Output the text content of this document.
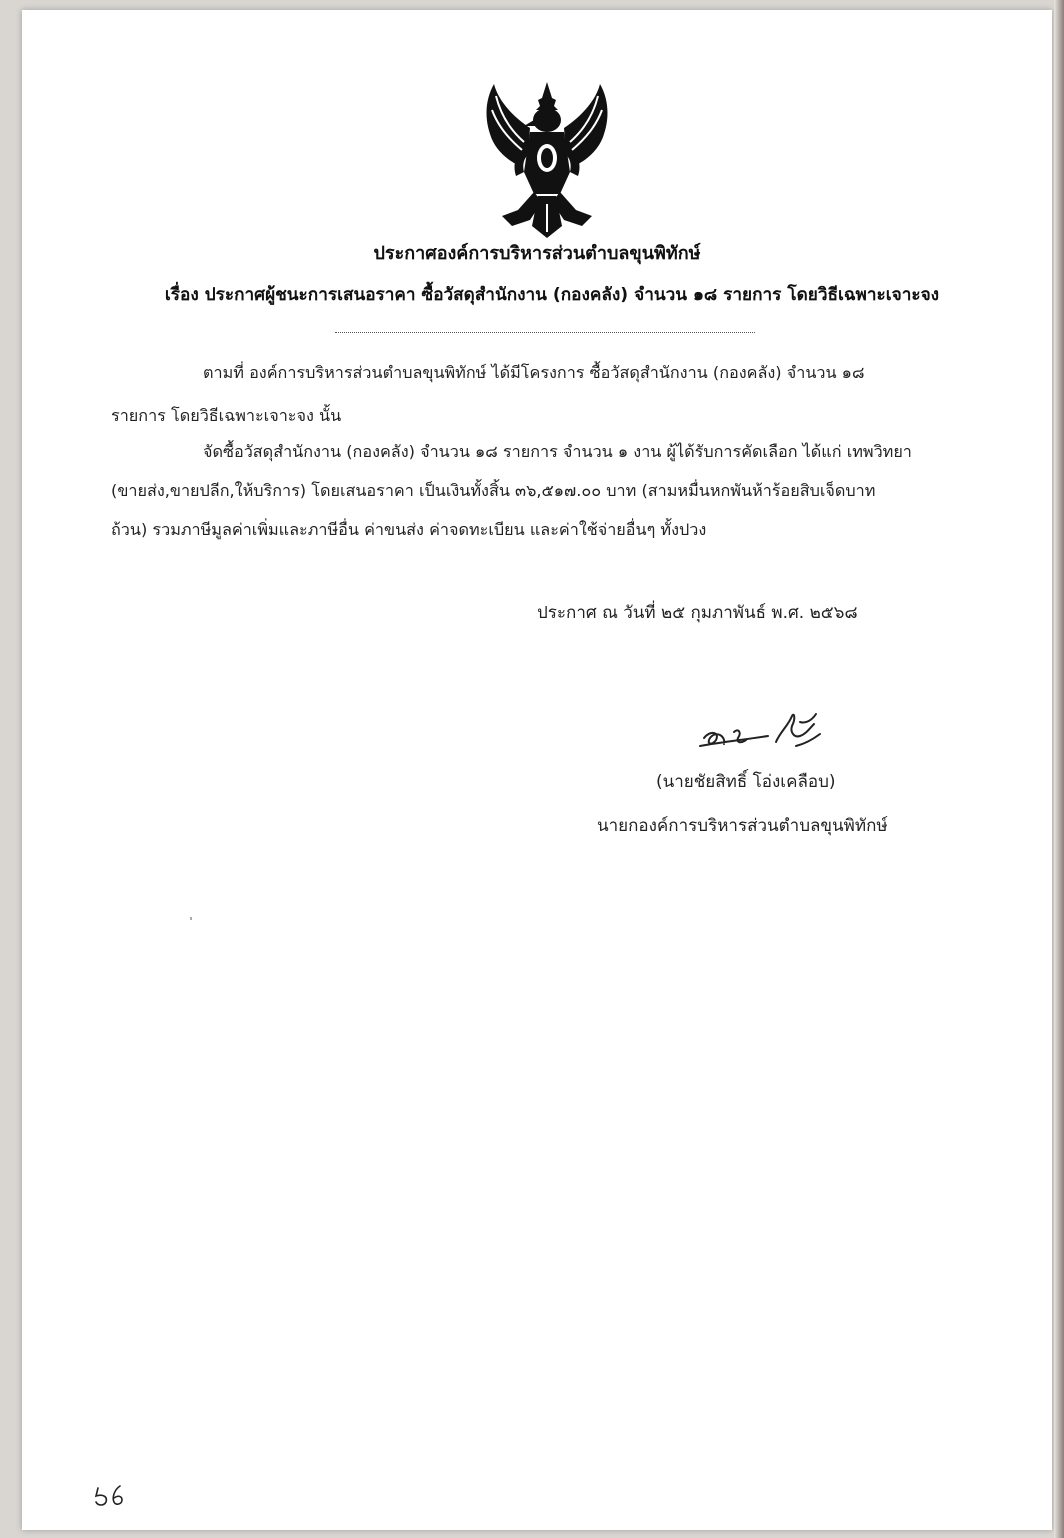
ประกาศองค์การบริหารส่วนตำบลขุนพิทักษ์
เรื่อง ประกาศผู้ชนะการเสนอราคา ซื้อวัสดุสำนักงาน (กองคลัง) จำนวน ๑๘ รายการ โดยวิธีเฉพาะเจาะจง
ตามที่ องค์การบริหารส่วนตำบลขุนพิทักษ์ ได้มีโครงการ ซื้อวัสดุสำนักงาน (กองคลัง) จำนวน ๑๘
รายการ โดยวิธีเฉพาะเจาะจง นั้น
จัดซื้อวัสดุสำนักงาน (กองคลัง) จำนวน ๑๘ รายการ จำนวน ๑ งาน ผู้ได้รับการคัดเลือก ได้แก่ เทพวิทยา
(ขายส่ง,ขายปลีก,ให้บริการ) โดยเสนอราคา เป็นเงินทั้งสิ้น ๓๖,๕๑๗.๐๐ บาท (สามหมื่นหกพันห้าร้อยสิบเจ็ดบาท
ถ้วน) รวมภาษีมูลค่าเพิ่มและภาษีอื่น ค่าขนส่ง ค่าจดทะเบียน และค่าใช้จ่ายอื่นๆ ทั้งปวง
ประกาศ ณ วันที่ ๒๕ กุมภาพันธ์ พ.ศ. ๒๕๖๘
(นายชัยสิทธิ์ โอ่งเคลือบ)
นายกองค์การบริหารส่วนตำบลขุนพิทักษ์
